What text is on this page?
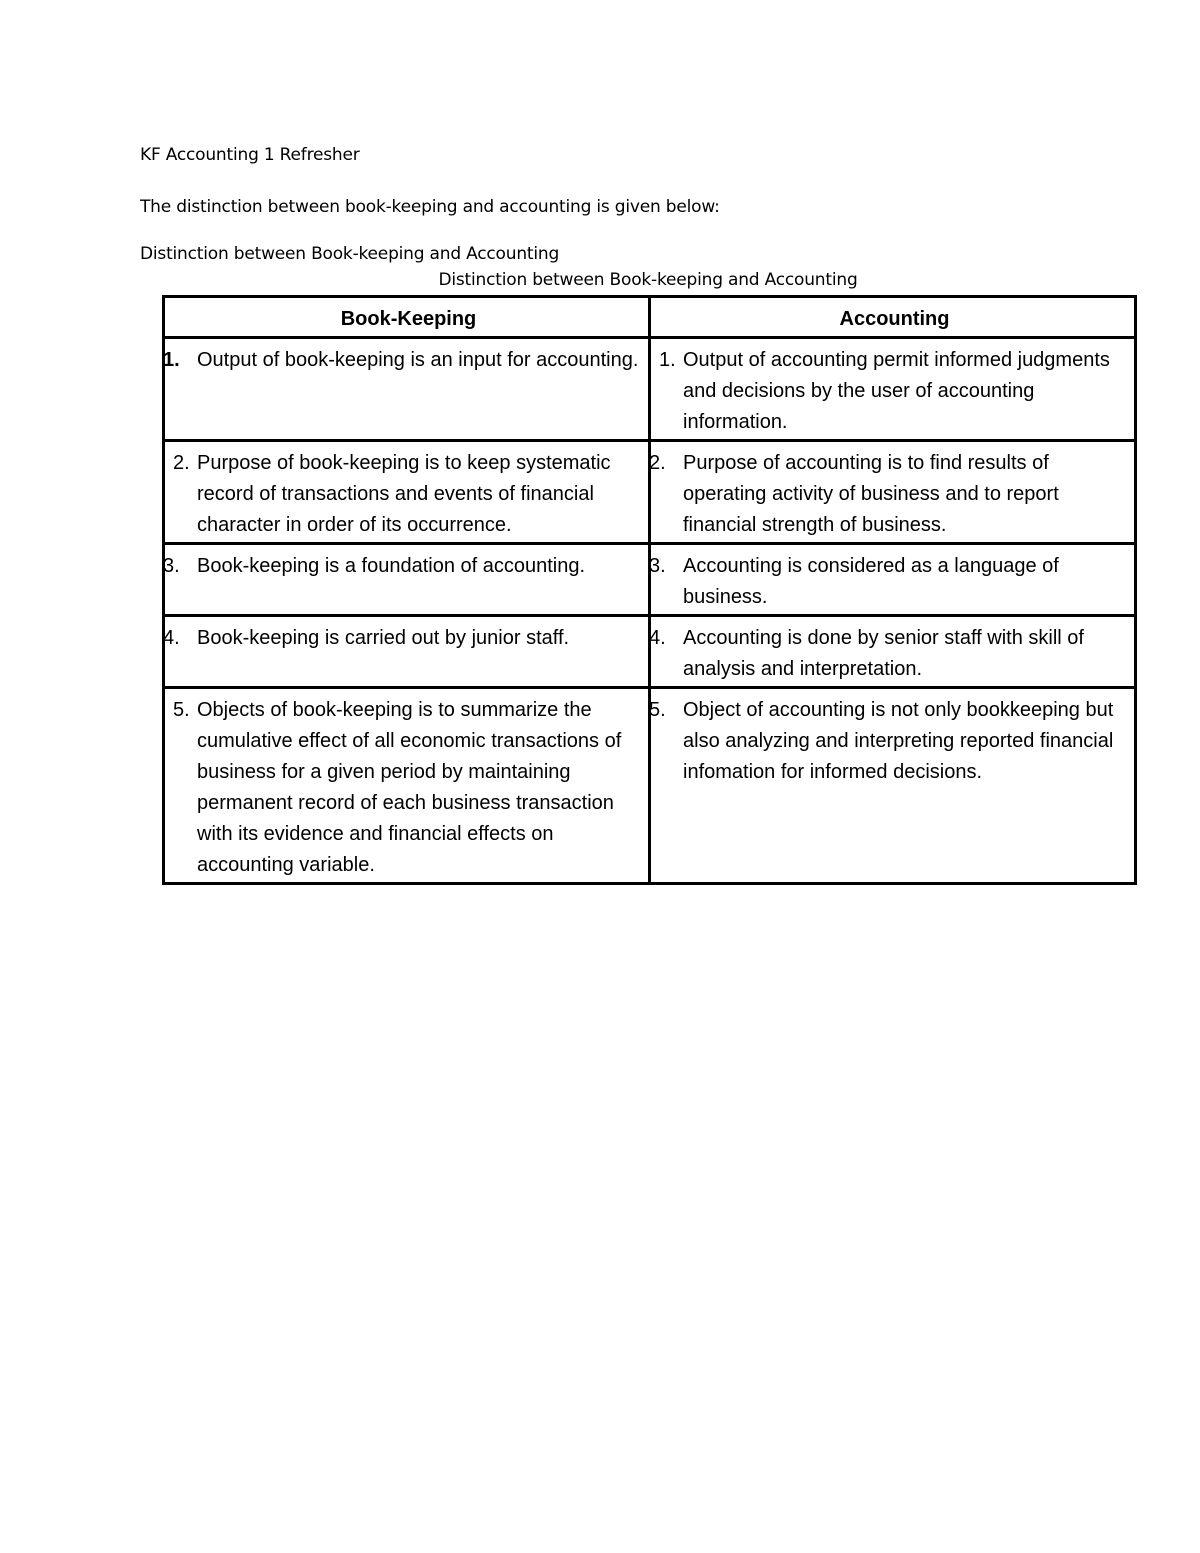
KF Accounting 1 Refresher

The distinction between book-keeping and accounting is given below:

Distinction between Book-keeping and Accounting

Distinction between Book-keeping and Accounting

Book-Keeping	Accounting

1. Output of book-keeping is an input for accounting.	1. Output of accounting permit informed judgments and decisions by the user of accounting information.

2. Purpose of book-keeping is to keep systematic record of transactions and events of financial character in order of its occurrence.	2. Purpose of accounting is to find results of operating activity of business and to report financial strength of business.

3. Book-keeping is a foundation of accounting.	3. Accounting is considered as a language of business.

4. Book-keeping is carried out by junior staff.	4. Accounting is done by senior staff with skill of analysis and interpretation.

5. Objects of book-keeping is to summarize the cumulative effect of all economic transactions of business for a given period by maintaining permanent record of each business transaction with its evidence and financial effects on accounting variable.	5. Object of accounting is not only bookkeeping but also analyzing and interpreting reported financial infomation for informed decisions.
